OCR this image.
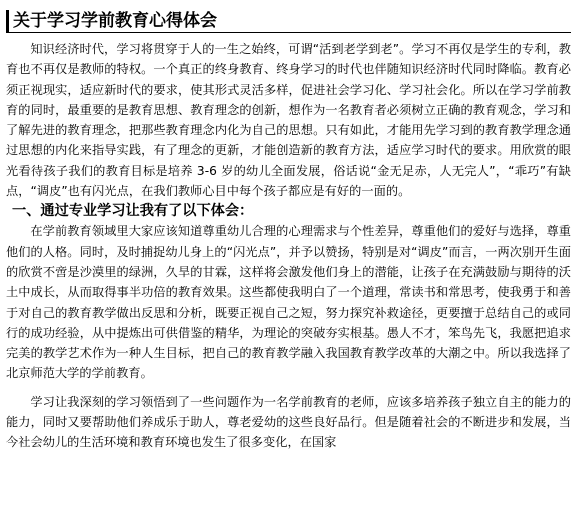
关于学习学前教育心得体会

知识经济时代，学习将贯穿于人的一生之始终，可谓“活到老学到老”。学习不再仅是学生的专利，教育也不再仅是教师的特权。一个真正的终身教育、终身学习的时代也伴随知识经济时代同时降临。教育必须正视现实，适应新时代的要求，使其形式灵活多样，促进社会学习化、学习社会化。所以在学习学前教育的同时，最重要的是教育思想、教育理念的创新，想作为一名教育者必须树立正确的教育观念，学习和了解先进的教育理念，把那些教育理念内化为自己的思想。只有如此，才能用先学习到的教育教学理念通过思想的内化来指导实践，有了理念的更新，才能创造新的教育方法，适应学习时代的要求。用欣赏的眼光看待孩子我们的教育目标是培养 3-6 岁的幼儿全面发展，俗话说“金无足赤，人无完人”，“乖巧”有缺点，“调皮”也有闪光点，在我们教师心目中每个孩子都应是有好的一面的。

一、通过专业学习让我有了以下体会：

在学前教育领域里大家应该知道尊重幼儿合理的心理需求与个性差异，尊重他们的爱好与选择，尊重他们的人格。同时，及时捕捉幼儿身上的“闪光点”，并予以赞扬，特别是对“调皮”而言，一两次别开生面的欣赏不啻是沙漠里的绿洲，久旱的甘霖，这样将会激发他们身上的潜能，让孩子在充满鼓励与期待的沃土中成长，从而取得事半功倍的教育效果。这些都使我明白了一个道理，常读书和常思考，使我勇于和善于对自己的教育教学做出反思和分析，既要正视自己之短，努力探究补救途径，更要擅于总结自己的或同行的成功经验，从中提炼出可供借鉴的精华，为理论的突破夯实根基。愚人不才，笨鸟先飞，我愿把追求完美的教学艺术作为一种人生目标，把自己的教育教学融入我国教育教学改革的大潮之中。所以我选择了北京师范大学的学前教育。

学习让我深刻的学习领悟到了一些问题作为一名学前教育的老师，应该多培养孩子独立自主的能力的能力，同时又要帮助他们养成乐于助人，尊老爱幼的这些良好品行。但是随着社会的不断进步和发展，当今社会幼儿的生活环境和教育环境也发生了很多变化，在国家
